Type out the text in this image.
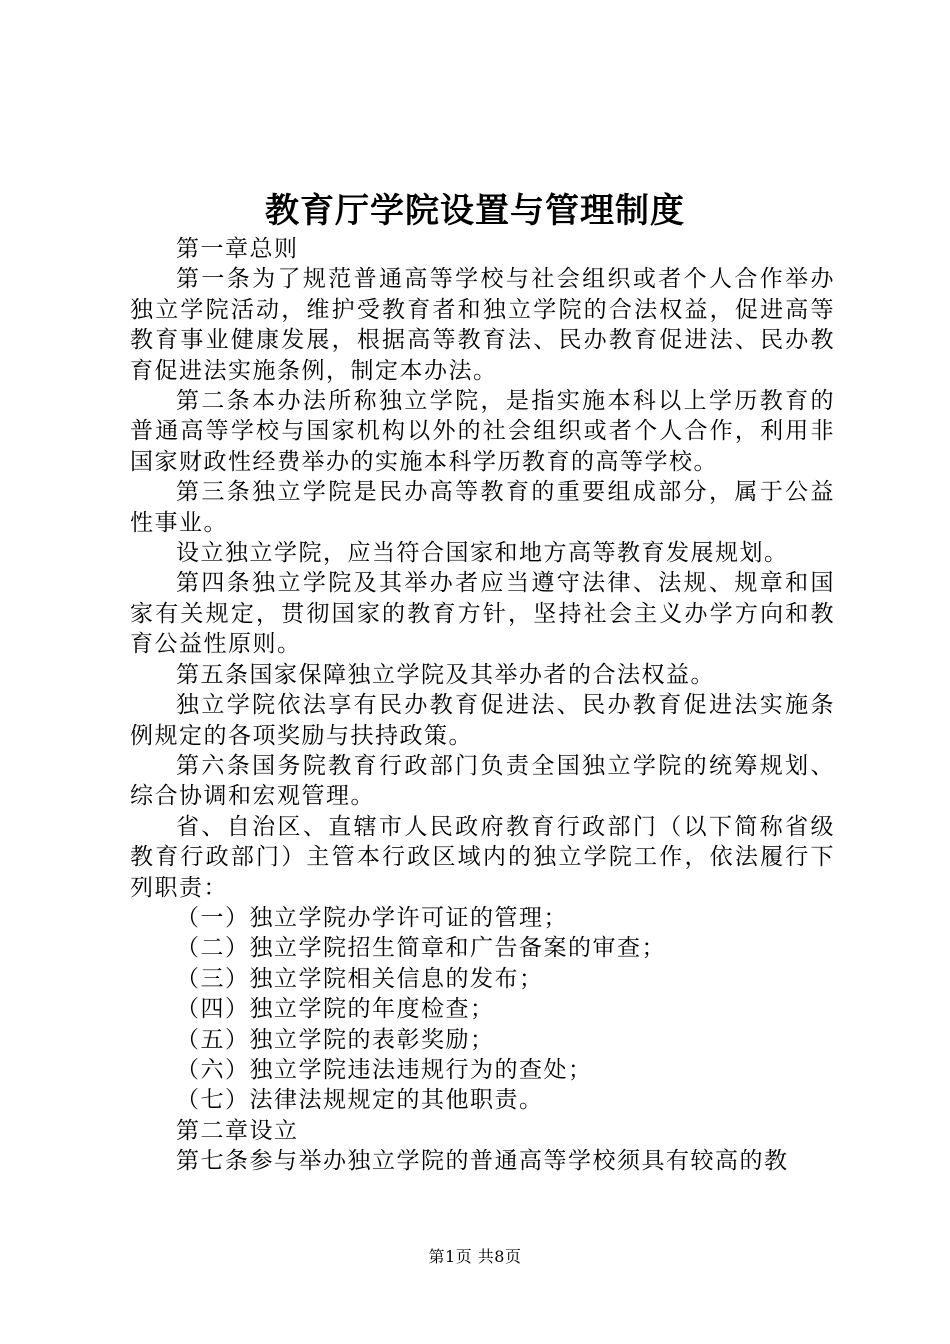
教育厅学院设置与管理制度

第一章总则

第一条为了规范普通高等学校与社会组织或者个人合作举办独立学院活动，维护受教育者和独立学院的合法权益，促进高等教育事业健康发展，根据高等教育法、民办教育促进法、民办教育促进法实施条例，制定本办法。

第二条本办法所称独立学院，是指实施本科以上学历教育的普通高等学校与国家机构以外的社会组织或者个人合作，利用非国家财政性经费举办的实施本科学历教育的高等学校。

第三条独立学院是民办高等教育的重要组成部分，属于公益性事业。

设立独立学院，应当符合国家和地方高等教育发展规划。

第四条独立学院及其举办者应当遵守法律、法规、规章和国家有关规定，贯彻国家的教育方针，坚持社会主义办学方向和教育公益性原则。

第五条国家保障独立学院及其举办者的合法权益。

独立学院依法享有民办教育促进法、民办教育促进法实施条例规定的各项奖励与扶持政策。

第六条国务院教育行政部门负责全国独立学院的统筹规划、综合协调和宏观管理。

省、自治区、直辖市人民政府教育行政部门（以下简称省级教育行政部门）主管本行政区域内的独立学院工作，依法履行下列职责：

（一）独立学院办学许可证的管理；

（二）独立学院招生简章和广告备案的审查；

（三）独立学院相关信息的发布；

（四）独立学院的年度检查；

（五）独立学院的表彰奖励；

（六）独立学院违法违规行为的查处；

（七）法律法规规定的其他职责。

第二章设立

第七条参与举办独立学院的普通高等学校须具有较高的教

第1页 共8页
